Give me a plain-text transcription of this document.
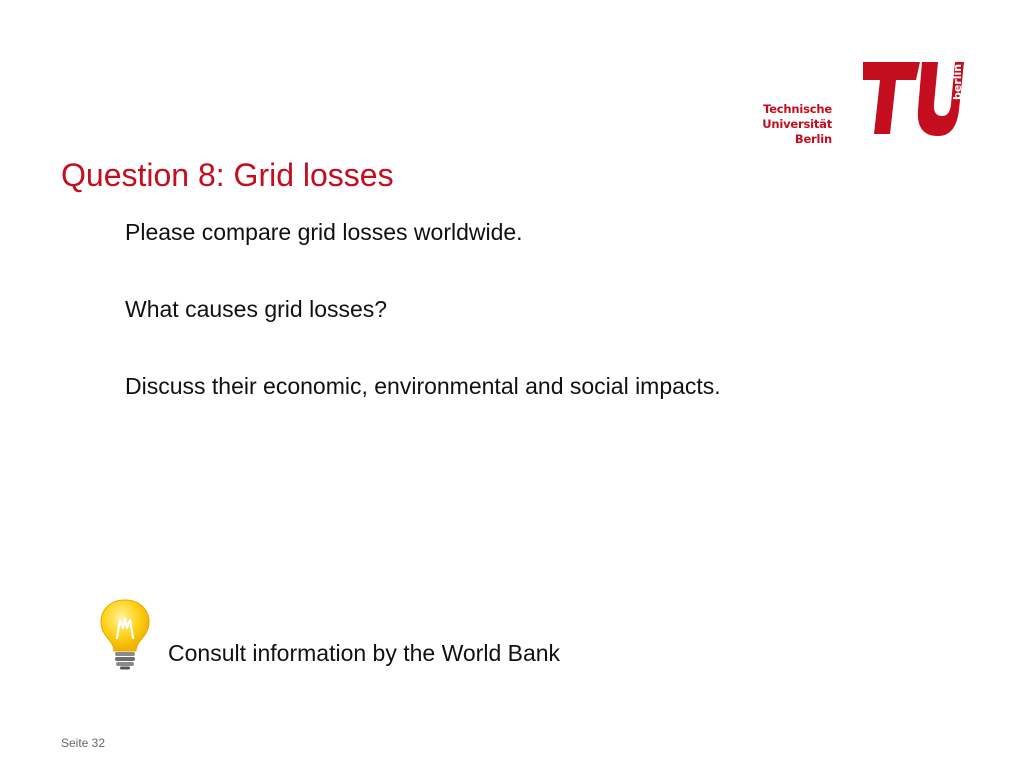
Technische
Universität
Berlin
berlin
Question 8: Grid losses
Please compare grid losses worldwide.
What causes grid losses?
Discuss their economic, environmental and social impacts.
Consult information by the World Bank
Seite 32
